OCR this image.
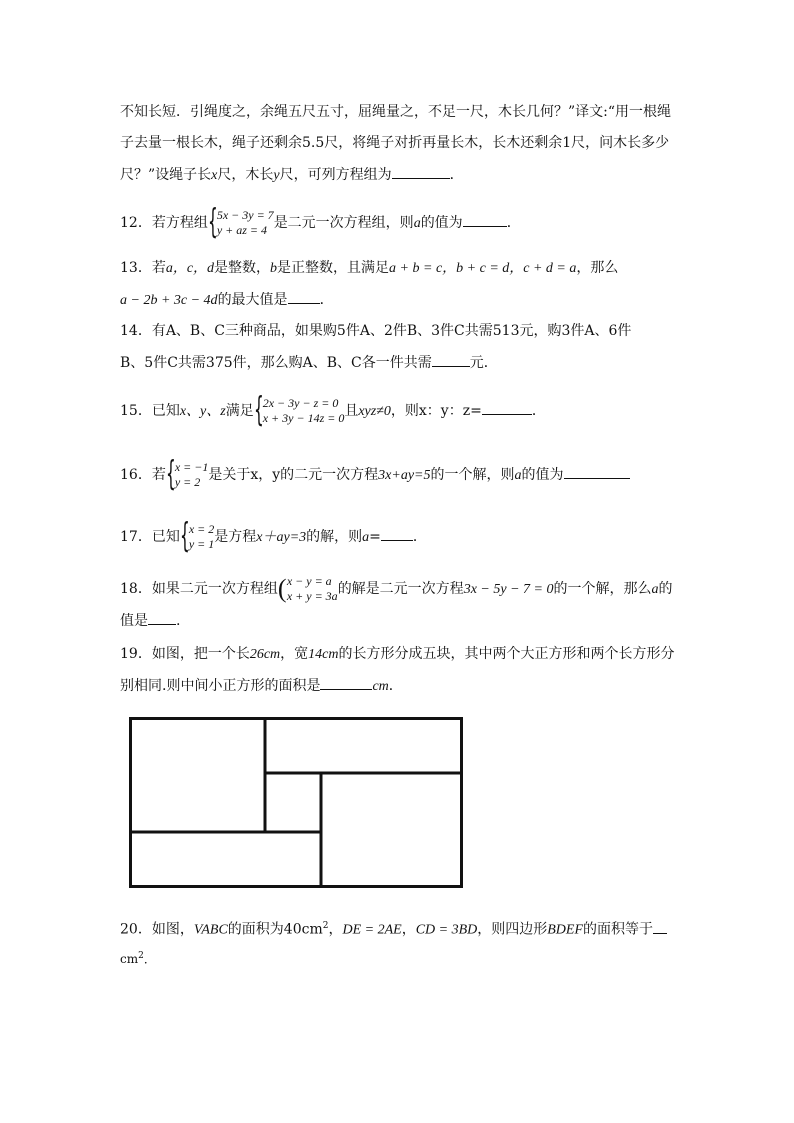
不知长短．引绳度之，余绳五尺五寸，屈绳量之，不足一尺，木长几何？”译文:“用一根绳
子去量一根长木，绳子还剩余5.5尺，将绳子对折再量长木，长木还剩余1尺，问木长多少
尺？”设绳子长x尺，木长y尺，可列方程组为	．
12．若方程组 { 5x − 3y = 7
y + az = 4 是二元一次方程组，则a的值为	．
13．若a，c，d是整数，b是正整数，且满足a + b = c，b + c = d，c + d = a，那么
a − 2b + 3c − 4d的最大值是 ．
14．有A、B、C三种商品，如果购5件A、2件B、3件C共需513元，购3件A、6件
B、5件C共需375件，那么购A、B、C各一件共需	元．
15．已知x、y、z满足 { 2x − 3y − z = 0
x + 3y − 14z = 0 且xyz≠0，则x：y：z=	．
16．若 { x = −1
y = 2 是关于x，y的二元一次方程3x+ay=5的一个解，则a的值为
17．已知 { x = 2
y = 1 是方程x＋ay=3的解，则a= ．
18．如果二元一次方程组 ( x − y = a
x + y = 3a 的解是二元一次方程3x − 5y − 7 = 0的一个解，那么a的
值是 .
19．如图，把一个长26cm，宽14cm的长方形分成五块，其中两个大正方形和两个长方形分
别相同.则中间小正方形的面积是	cm．
20．如图，VABC的面积为$40cm^2$，DE = 2AE，CD = 3BD，则四边形BDEF的面积等于
$cm^2$．
